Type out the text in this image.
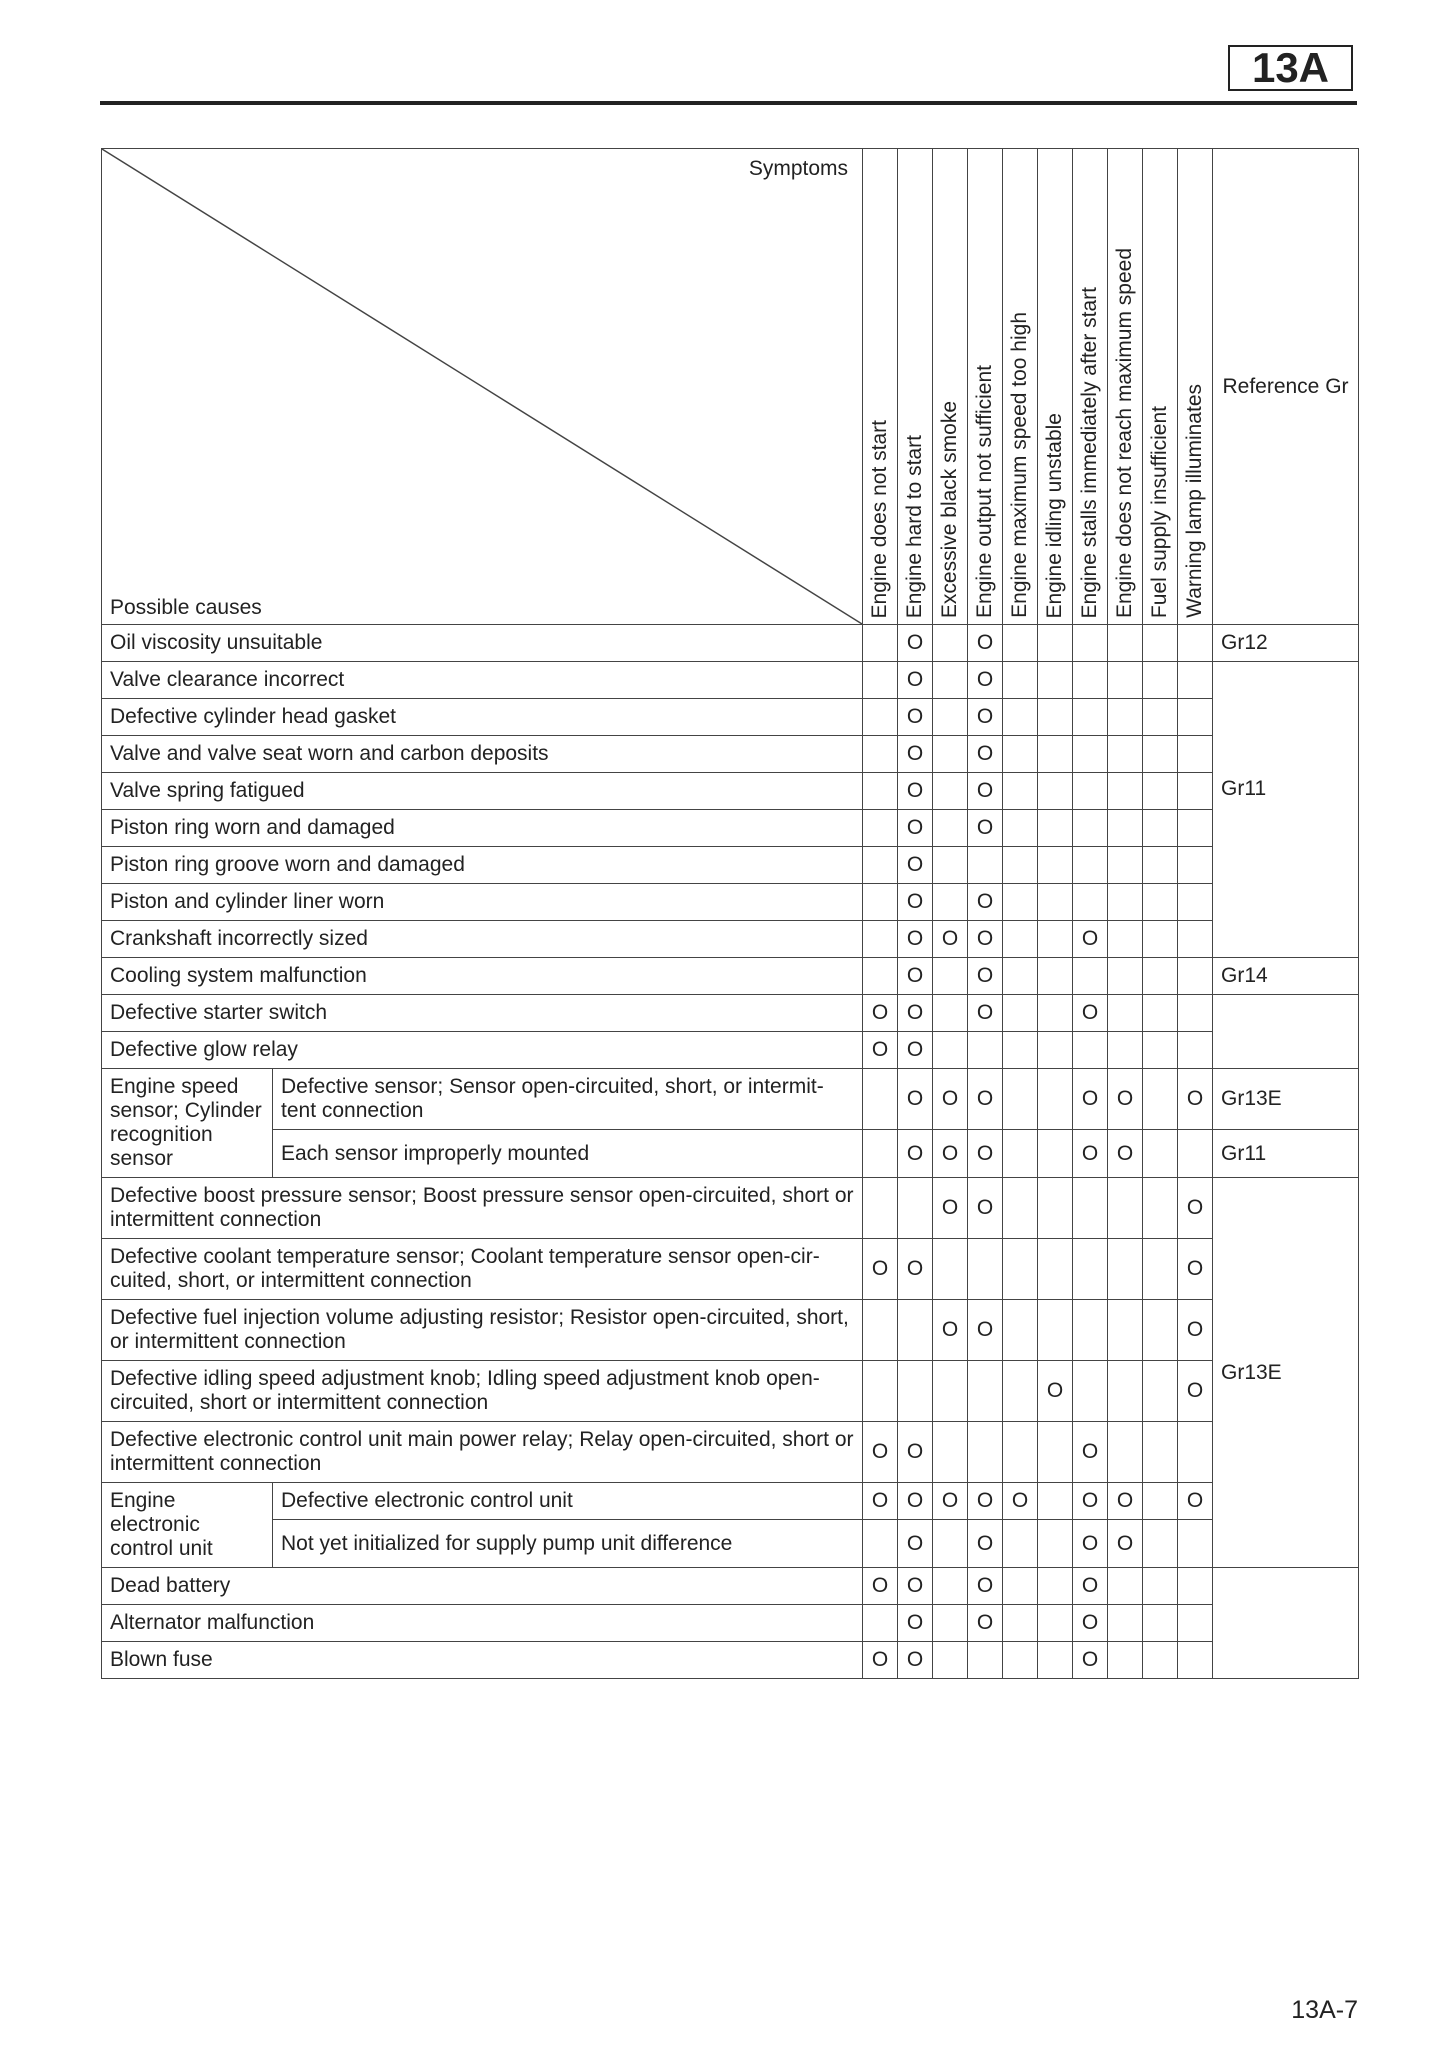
13A
Symptoms
Possible causes		Engine does not start	Engine hard to start	Excessive black smoke	Engine output not sufficient	Engine maximum speed too high	Engine idling unstable	Engine stalls immediately after start	Engine does not reach maximum speed	Fuel supply insufficient	Warning lamp illuminates	Reference Gr
Oil viscosity unsuitable			O		O							Gr12
Valve clearance incorrect			O		O							Gr11
Defective cylinder head gasket			O		O							
Valve and valve seat worn and carbon deposits			O		O							
Valve spring fatigued			O		O							
Piston ring worn and damaged			O		O							
Piston ring groove worn and damaged			O									
Piston and cylinder liner worn			O		O							
Crankshaft incorrectly sized			O	O	O			O				
Cooling system malfunction			O		O							Gr14
Defective starter switch		O	O		O			O				
Defective glow relay		O	O									
Engine speed sensor; Cylinder recognition sensor	Defective sensor; Sensor open-circuited, short, or intermit-tent connection		O	O	O			O	O		O	Gr13E
	Each sensor improperly mounted		O	O	O			O	O			Gr11
Defective boost pressure sensor; Boost pressure sensor open-circuited, short or intermittent connection				O	O						O	Gr13E
Defective coolant temperature sensor; Coolant temperature sensor open-cir-cuited, short, or intermittent connection		O	O								O	
Defective fuel injection volume adjusting resistor; Resistor open-circuited, short, or intermittent connection				O	O						O	
Defective idling speed adjustment knob; Idling speed adjustment knob open-circuited, short or intermittent connection							O				O	
Defective electronic control unit main power relay; Relay open-circuited, short or intermittent connection		O	O					O				
Engine electronic control unit	Defective electronic control unit	O	O	O	O	O		O	O		O	
	Not yet initialized for supply pump unit difference		O		O			O	O			
Dead battery		O	O		O			O				
Alternator malfunction			O		O			O				
Blown fuse		O	O					O				
13A-7
